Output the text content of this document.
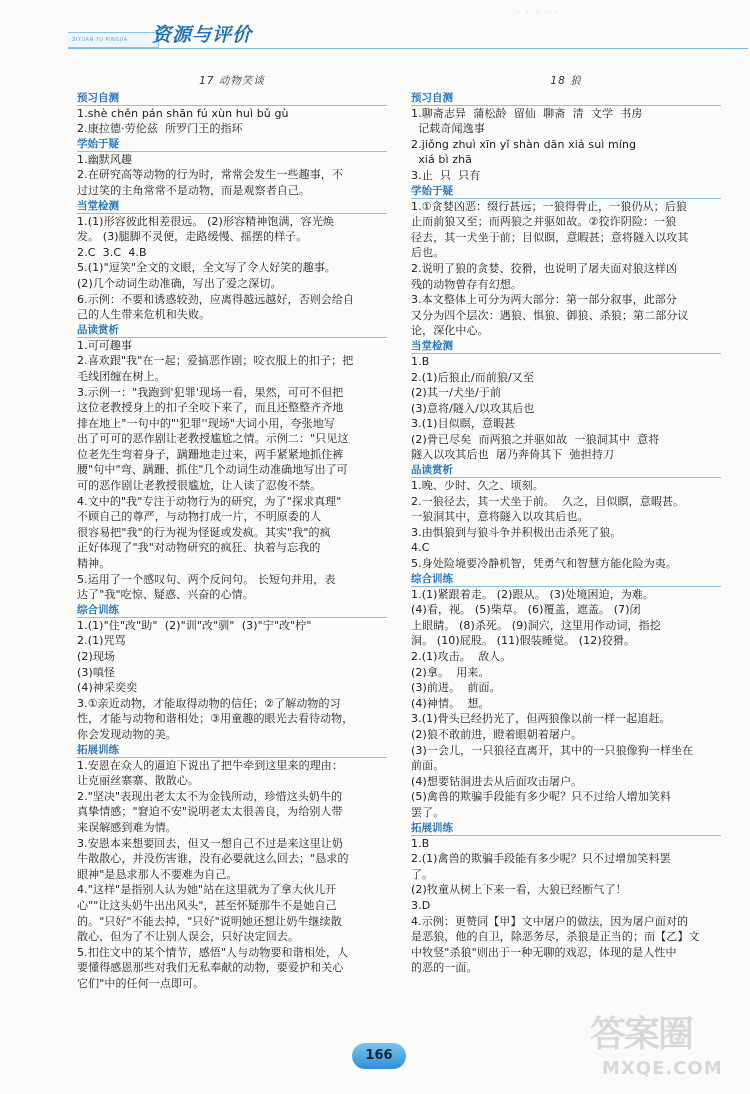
ZIYUAN YU PINGJIA	资源与评价
· · · · ·
17 动物笑谈
预习自测
1.shè chěn pán shān fú xùn huì bǔ gù
2.康拉德·劳伦兹  所罗门王的指环
学始于疑
1.幽默风趣
2.在研究高等动物的行为时，常常会发生一些趣事，不
过过笑的主角常常不是动物，而是观察者自己。
当堂检测
1.(1)形容彼此相差很远。 (2)形容精神饱满，容光焕
发。 (3)腿脚不灵便，走路缓慢、摇摆的样子。
2.C  3.C  4.B
5.(1)"逗笑"全文的文眼，全文写了令人好笑的趣事。
(2)几个动词生动准确，写出了爱之深切。
6.示例：不要和诱惑较劲，应离得越远越好，否则会给自
己的人生带来危机和失败。
品读赏析
1.可可趣事
2.喜欢跟"我"在一起；爱搞恶作剧；咬衣服上的扣子；把
毛线团缠在树上。
3.示例一："我跑到'犯罪'现场一看，果然，可可不但把
这位老教授身上的扣子全咬下来了，而且还整整齐齐地
排在地上"一句中的"'犯罪''现场"大词小用，夸张地写
出了可可的恶作剧让老教授尴尬之情。示例二："只见这
位老先生弯着身子，蹒跚地走过来，两手紧紧地抓住裤
腰"句中"弯、蹒跚、抓住"几个动词生动准确地写出了可
可的恶作剧让老教授很尴尬，让人读了忍俊不禁。
4.文中的"我"专注于动物行为的研究，为了"探求真理"
不顾自己的尊严，与动物打成一片，不明原委的人
很容易把"我"的行为视为怪诞或发疯。其实"我"的疯
正好体现了"我"对动物研究的疯狂、执着与忘我的
精神。
5.运用了一个感叹句、两个反问句。 长短句并用，表
达了"我"吃惊、疑惑、兴奋的心情。
综合训练
1.(1)"住"改"助"  (2)"训"改"驯"  (3)"宁"改"柠"
2.(1)咒骂
(2)现场
(3)嗔怪
(4)神采奕奕
3.①亲近动物，才能取得动物的信任；②了解动物的习
性，才能与动物和谐相处；③用童趣的眼光去看待动物，
你会发现动物的美。
拓展训练
1.安恩在众人的逼迫下说出了把牛牵到这里来的理由：
让克丽丝寨寨、散散心。
2."坚决"表现出老太太不为金钱所动，珍惜这头奶牛的
真挚情感；"窘迫不安"说明老太太很善良，为给别人带
来误解感到难为情。
3.安恩本来想要回去，但又一想自己不过是来这里让奶
牛散散心，并没伤害谁，没有必要就这么回去；"恳求的
眼神"是恳求那人不要难为自己。
4."这样"是指别人认为她"站在这里就为了拿大伙儿开
心""让这头奶牛出出风头"，甚至怀疑那牛不是她自己
的。"只好"不能去掉，"只好"说明她还想让奶牛继续散
散心，但为了不让别人误会，只好决定回去。
5.扣住文中的某个情节，感悟"人与动物要和谐相处，人
要懂得感恩那些对我们无私奉献的动物，要爱护和关心
它们"中的任何一点即可。
18 狼
预习自测
1.聊斋志异  蒲松龄  留仙  聊斋  清  文学  书房
记载奇闻逸事
2.jiǒng zhuì xīn yǐ shàn dān xiá suì míng
xiá bì zhā
3.止  只  只有
学始于疑
1.①贪婪凶恶：缀行甚远；一狼得骨止，一狼仍从；后狼
止而前狼又至；而两狼之并驱如故。②狡诈阴险：一狼
径去，其一犬坐于前；目似瞑，意暇甚；意将隧入以攻其
后也。
2.说明了狼的贪婪、狡猾，也说明了屠夫面对狼这样凶
残的动物曾存有幻想。
3.本文整体上可分为两大部分：第一部分叙事，此部分
又分为四个层次：遇狼、惧狼、御狼、杀狼；第二部分议
论，深化中心。
当堂检测
1.B
2.(1)后狼止/而前狼/又至
(2)其一/犬坐/于前
(3)意将/隧入/以攻其后也
3.(1)目似瞑，意暇甚
(2)骨已尽矣  而两狼之并驱如故  一狼洞其中  意将
隧入以攻其后也  屠乃奔倚其下  弛担持刀
品读赏析
1.晚、少时、久之、顷刻。
2.一狼径去，其一犬坐于前。  久之，目似瞑，意暇甚。
一狼洞其中，意将隧入以攻其后也。
3.由惧狼到与狼斗争并积极出击杀死了狼。
4.C
5.身处险境要冷静机智，凭勇气和智慧方能化险为夷。
综合训练
1.(1)紧跟着走。 (2)跟从。 (3)处境困迫，为难。
(4)看，视。 (5)柴草。 (6)覆盖，遮盖。 (7)闭
上眼睛。 (8)杀死。 (9)洞穴，这里用作动词，指挖
洞。 (10)屁股。 (11)假装睡觉。 (12)狡猾。
2.(1)攻击。  敌人。
(2)拿。  用来。
(3)前进。  前面。
(4)神情。  想。
3.(1)骨头已经扔光了，但两狼像以前一样一起追赶。
(2)狼不敢前进，瞪着眼朝着屠户。
(3)一会儿，一只狼径直离开，其中的一只狼像狗一样坐在
前面。
(4)想要钻洞进去从后面攻击屠户。
(5)禽兽的欺骗手段能有多少呢？只不过给人增加笑料
罢了。
拓展训练
1.B
2.(1)禽兽的欺骗手段能有多少呢？只不过增加笑料罢
了。
(2)牧童从树上下来一看，大狼已经断气了！
3.D
4.示例：更赞同【甲】文中屠户的做法，因为屠户面对的
是恶狼，他的自卫，除恶务尽，杀狼是正当的；而【乙】文
中牧竖"杀狼"则出于一种无聊的戏忍，体现的是人性中
的恶的一面。
166
答案圈
MXQE.COM
